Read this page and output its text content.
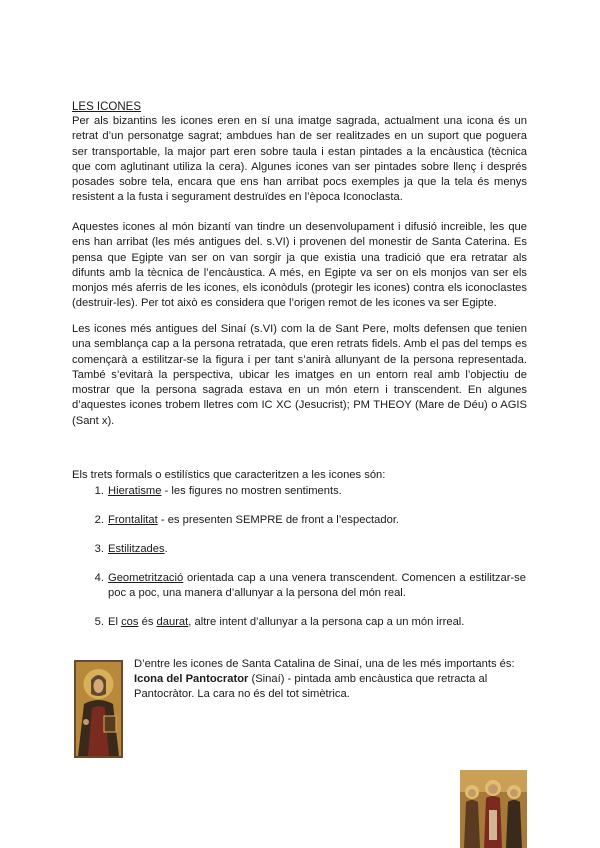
LES ICONES

Per als bizantins les icones eren en sí una imatge sagrada, actualment una icona és un retrat d’un personatge sagrat; ambdues han de ser realitzades en un suport que poguera ser transportable, la major part eren sobre taula i estan pintades a la encàustica (tècnica que com aglutinant utiliza la cera). Algunes icones van ser pintades sobre llenç i després posades sobre tela, encara que ens han arribat pocs exemples ja que la tela és menys resistent a la fusta i segurament destruïdes en l’època Iconoclasta.

Aquestes icones al món bizantí van tindre un desenvolupament i difusió increible, les que ens han arribat (les més antigues del. s.VI) i provenen del monestir de Santa Caterina. Es pensa que Egipte van ser on van sorgir ja que existia una tradició que era retratar als difunts amb la tècnica de l’encàustica. A més, en Egipte va ser on els monjos van ser els monjos més aferris de les icones, els iconòduls (protegir les icones) contra els iconoclastes (destruir-les). Per tot això es considera que l’origen remot de les icones va ser Egipte.

Les icones més antigues del Sinaí (s.VI) com la de Sant Pere, molts defensen que tenien una semblança cap a la persona retratada, que eren retrats fidels. Amb el pas del temps es començarà a estilitzar-se la figura i per tant s’anirà allunyant de la persona representada. També s’evitarà la perspectiva, ubicar les imatges en un entorn real amb l’objectiu de mostrar que la persona sagrada estava en un món etern i transcendent. En algunes d’aquestes icones trobem lletres com IC XC (Jesucrist); PM THEOY (Mare de Déu) o AGIS (Sant x).

Els trets formals o estilístics que caracteritzen a les icones són:
1. Hieratisme - les figures no mostren sentiments.
2. Frontalitat - es presenten SEMPRE de front a l’espectador.
3. Estilitzades.
4. Geometrització orientada cap a una venera transcendent. Comencen a estilitzar-se poc a poc, una manera d’allunyar a la persona del món real.
5. El cos és daurat, altre intent d’allunyar a la persona cap a un món irreal.
D’entre les icones de Santa Catalina de Sinaí, una de les més importants és:
Icona del Pantocrator (Sinaí) - pintada amb encàustica que retracta al Pantocràtor. La cara no és del tot simètrica.
